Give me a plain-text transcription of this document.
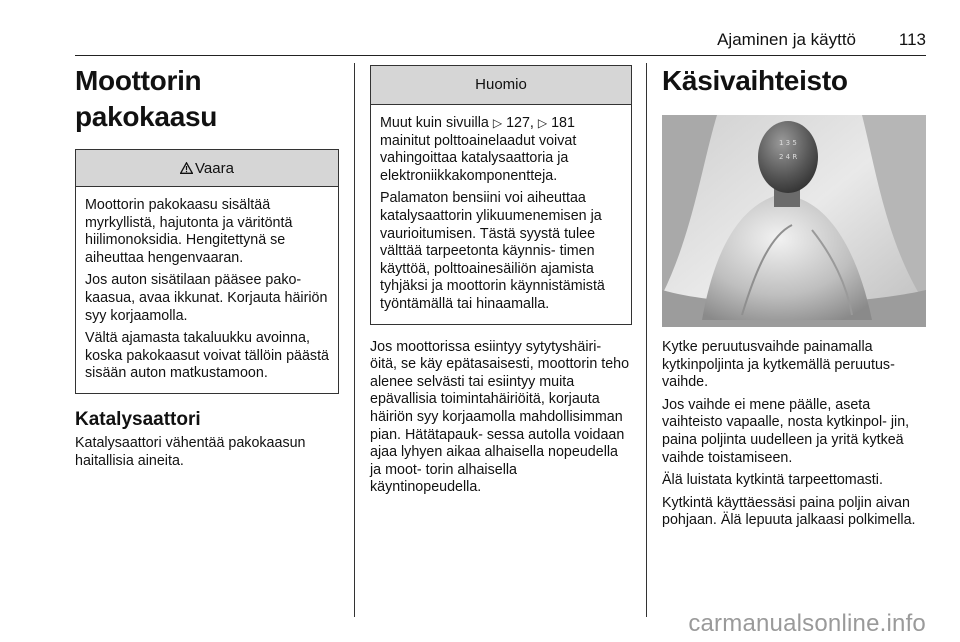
Ajaminen ja käyttö	113
Moottorin pakokaasu
Vaara

Moottorin pakokaasu sisältää myrkyllistä, hajutonta ja väritöntä hiilimonoksidia. Hengitettynä se aiheuttaa hengenvaaran.

Jos auton sisätilaan pääsee pako- kaasua, avaa ikkunat. Korjauta häiriön syy korjaamolla.

Vältä ajamasta takaluukku avoinna, koska pakokaasut voivat tällöin päästä sisään auton matkustamoon.

Katalysaattori

Katalysaattori vähentää pakokaasun haitallisia aineita.

Huomio

Muut kuin sivuilla ▷ 127, ▷ 181 mainitut polttoainelaadut voivat vahingoittaa katalysaattoria ja elektroniikkakomponentteja.

Palamaton bensiini voi aiheuttaa katalysaattorin ylikuumenemisen ja vaurioitumisen. Tästä syystä tulee välttää tarpeetonta käynnis- timen käyttöä, polttoainesäiliön ajamista tyhjäksi ja moottorin käynnistämistä työntämällä tai hinaamalla.

Jos moottorissa esiintyy sytytyshäiri- öitä, se käy epätasaisesti, moottorin teho alenee selvästi tai esiintyy muita epävallisia toimintahäiriöitä, korjauta häiriön syy korjaamolla mahdollisimman pian. Hätätapauk- sessa autolla voidaan ajaa lyhyen aikaa alhaisella nopeudella ja moot- torin alhaisella käyntinopeudella.

Käsivaihteisto
1 3 5
2 4 R

Kytke peruutusvaihde painamalla kytkinpoljinta ja kytkemällä peruutus- vaihde.

Jos vaihde ei mene päälle, aseta vaihteisto vapaalle, nosta kytkinpol- jin, paina poljinta uudelleen ja yritä kytkeä vaihde toistamiseen.

Älä luistata kytkintä tarpeettomasti.

Kytkintä käyttäessäsi paina poljin aivan pohjaan. Älä lepuuta jalkaasi polkimella.

carmanualsonline.info
